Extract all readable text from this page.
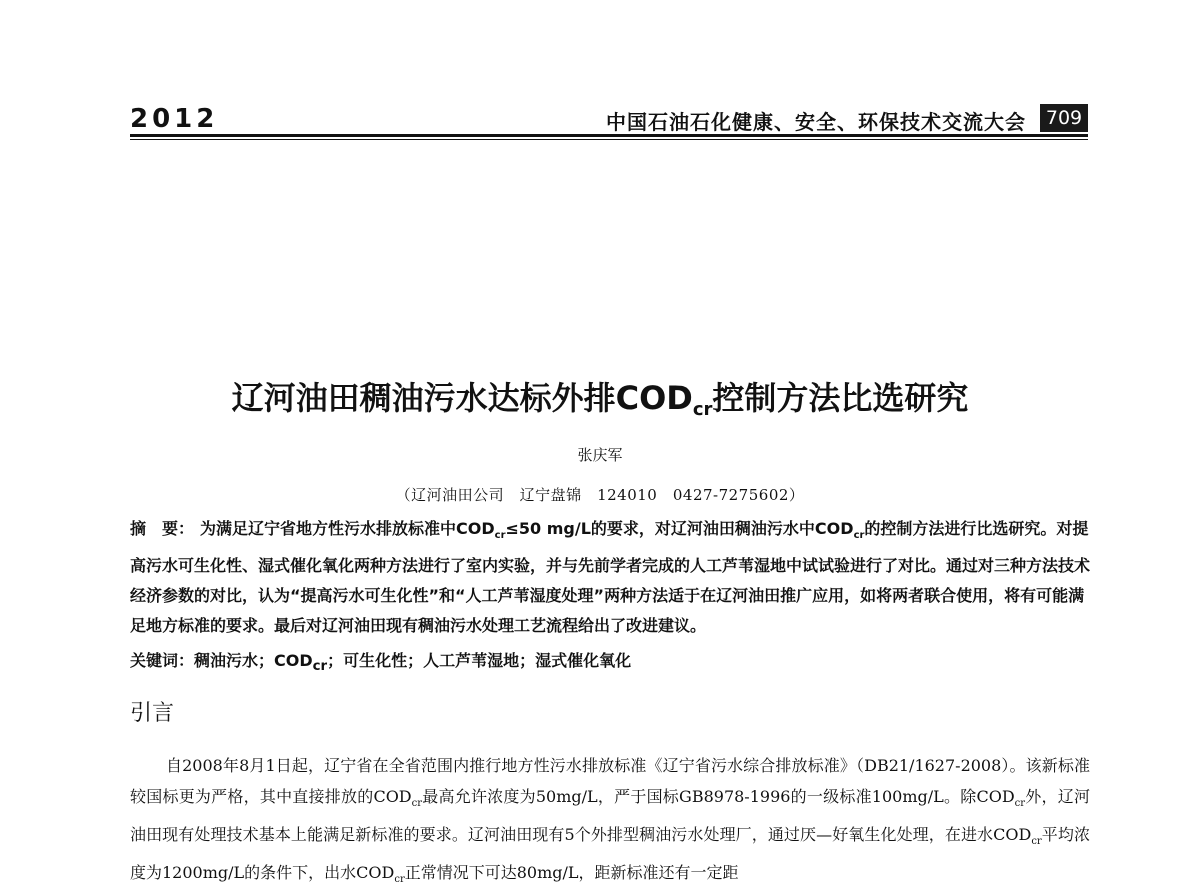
2012	中国石油石化健康、安全、环保技术交流大会	709
辽河油田稠油污水达标外排$COD_{cr}$控制方法比选研究
张庆军
（辽河油田公司　辽宁盘锦　124010　0427-7275602）
摘　要： 为满足辽宁省地方性污水排放标准中$COD_{cr}\le 50$ mg/L的要求，对辽河油田稠油污水中$COD_{cr}$的控制方法进行比选研究。对提高污水可生化性、湿式催化氧化两种方法进行了室内实验，并与先前学者完成的人工芦苇湿地中试试验进行了对比。通过对三种方法技术经济参数的对比，认为“提高污水可生化性”和“人工芦苇湿度处理”两种方法适于在辽河油田推广应用，如将两者联合使用，将有可能满足地方标准的要求。最后对辽河油田现有稠油污水处理工艺流程给出了改进建议。
关键词：稠油污水；$COD_{cr}$；可生化性；人工芦苇湿地；湿式催化氧化
引言
自2008年8月1日起，辽宁省在全省范围内推行地方性污水排放标准《辽宁省污水综合排放标准》（DB21/1627-2008）。该新标准较国标更为严格，其中直接排放的$COD_{cr}$最高允许浓度为50mg/L，严于国标GB8978-1996的一级标准100mg/L。除$COD_{cr}$外，辽河油田现有处理技术基本上能满足新标准的要求。辽河油田现有5个外排型稠油污水处理厂，通过厌—好氧生化处理，在进水$COD_{cr}$平均浓度为1200mg/L的条件下，出水$COD_{cr}$正常情况下可达80mg/L，距新标准还有一定距
